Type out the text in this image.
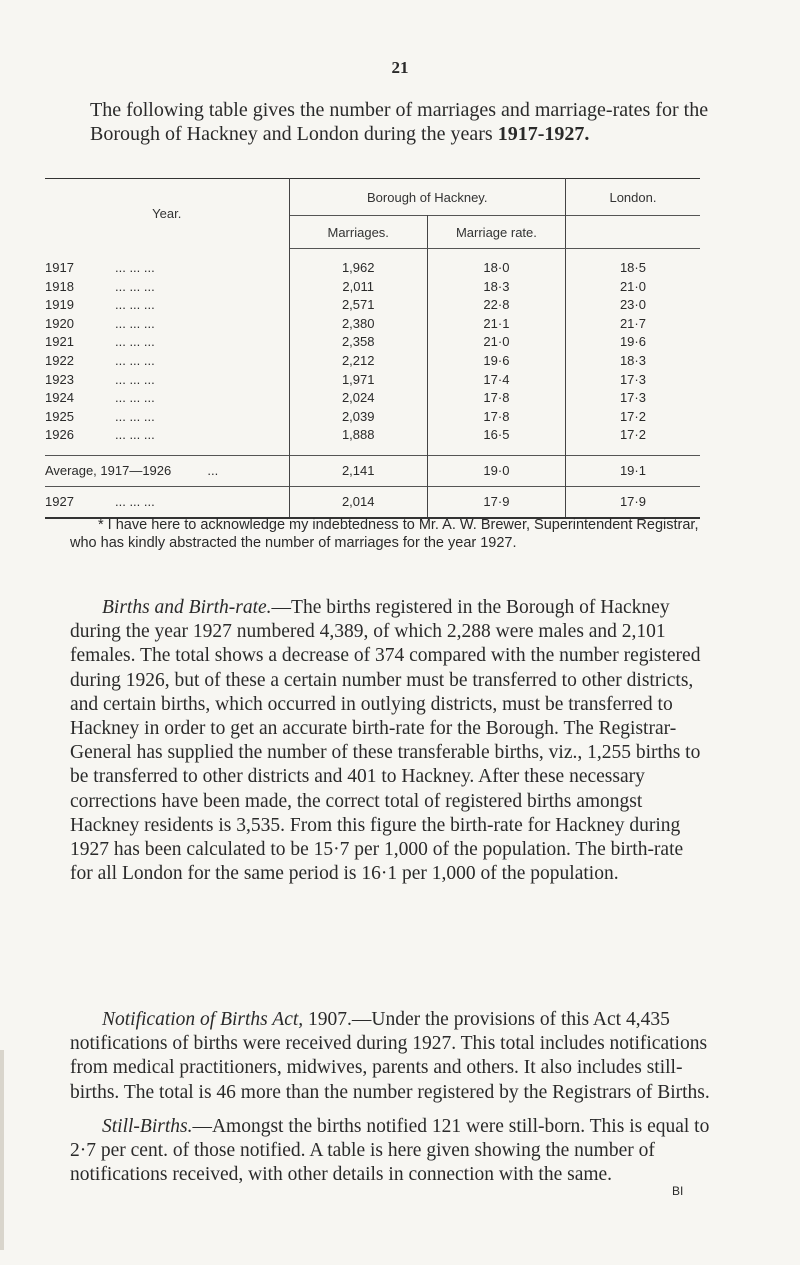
21

The following table gives the number of marriages and marriage-rates for the Borough of Hackney and London during the years 1917-1927.

Year.	Borough of Hackney.		London.
	Marriages.	Marriage rate.	

1917 ... ... ...	1,962	18·0	18·5
1918 ... ... ...	2,011	18·3	21·0
1919 ... ... ...	2,571	22·8	23·0
1920 ... ... ...	2,380	21·1	21·7
1921 ... ... ...	2,358	21·0	19·6
1922 ... ... ...	2,212	19·6	18·3
1923 ... ... ...	1,971	17·4	17·3
1924 ... ... ...	2,024	17·8	17·3
1925 ... ... ...	2,039	17·8	17·2
1926 ... ... ...	1,888	16·5	17·2

Average, 1917—1926 ...	2,141	19·0	19·1
1927 ... ... ...	2,014	17·9	17·9

* I have here to acknowledge my indebtedness to Mr. A. W. Brewer, Superintendent Registrar, who has kindly abstracted the number of marriages for the year 1927.

Births and Birth-rate.—The births registered in the Borough of Hackney during the year 1927 numbered 4,389, of which 2,288 were males and 2,101 females. The total shows a decrease of 374 compared with the number registered during 1926, but of these a certain number must be transferred to other districts, and certain births, which occurred in outlying districts, must be transferred to Hackney in order to get an accurate birth-rate for the Borough. The Registrar-General has supplied the number of these transferable births, viz., 1,255 births to be transferred to other districts and 401 to Hackney. After these necessary corrections have been made, the correct total of registered births amongst Hackney residents is 3,535. From this figure the birth-rate for Hackney during 1927 has been calculated to be 15·7 per 1,000 of the population. The birth-rate for all London for the same period is 16·1 per 1,000 of the population.

Notification of Births Act, 1907.—Under the provisions of this Act 4,435 notifications of births were received during 1927. This total includes notifications from medical practitioners, midwives, parents and others. It also includes still-births. The total is 46 more than the number registered by the Registrars of Births.

Still-Births.—Amongst the births notified 121 were still-born. This is equal to 2·7 per cent. of those notified. A table is here given showing the number of notifications received, with other details in connection with the same.

BI
